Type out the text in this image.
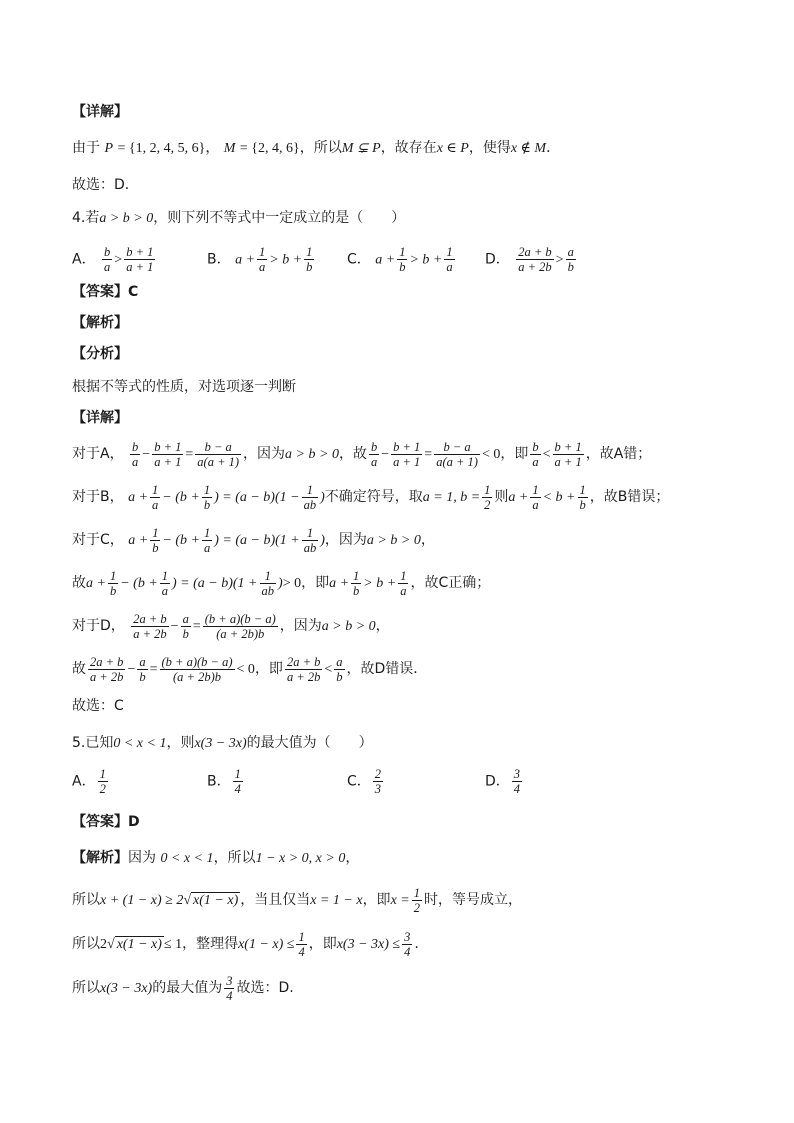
【详解】
由于 P = {1, 2, 4, 5, 6}， M = {2, 4, 6}，所以M ⊊ P，故存在x ∈ P，使得x ∉ M．
故选：D．
4.若a > b > 0，则下列不等式中一定成立的是（　　）
A． $\frac{b}{a} > \frac{b + 1}{a + 1}$	B． $a + \frac{1}{a} > b + \frac{1}{b}$ C． $a + \frac{1}{b} > b + \frac{1}{a}$ D． $\frac{2a + b}{a + 2b} > \frac{a}{b}$
【答案】C
【解析】
【分析】
根据不等式的性质，对选项逐一判断
【详解】
对于A， $\frac{b}{a} - \frac{b + 1}{a + 1} = \frac{b - a}{a(a + 1)}$ ，因为a > b > 0，故 $\frac{b}{a} - \frac{b + 1}{a + 1} = \frac{b - a}{a(a + 1)} < 0$，即 $\frac{b}{a} < \frac{b + 1}{a + 1}$ ，故A错；
对于B， $a + \frac{1}{a} - (b + \frac{1}{b}$ ) = $(a - b)(1 - \frac{1}{ab}$ )不确定符号，取a = 1, $b = \frac{1}{2}$ 则$a + \frac{1}{a} < b + \frac{1}{b}$ ，故B错误；
对于C， $a + \frac{1}{b} - (b + \frac{1}{a}$ ) = $(a - b)(1 + \frac{1}{ab}$ )，因为a > b > 0，
故$a + \frac{1}{b} - (b + \frac{1}{a}$ ) = $(a - b)(1 + \frac{1}{ab}$ )> 0，即$a + \frac{1}{b} > b + \frac{1}{a}$ ，故C正确；
对于D， $\frac{2a + b}{a + 2b} - \frac{a}{b} = \frac{(b + a)(b - a)}{(a + 2b)b}$ ，因为a > b > 0，
故 $\frac{2a + b}{a + 2b} - \frac{a}{b} = \frac{(b + a)(b - a)}{(a + 2b)b} < 0$，即 $\frac{2a + b}{a + 2b} < \frac{a}{b}$ ，故D错误．
故选：C
5.已知0 < x < 1，则x(3 − 3x)的最大值为（　　）
A． $\frac{1}{2}$	B． $\frac{1}{4}$	C． $\frac{2}{3}$	D． $\frac{3}{4}$
【答案】D
【解析】因为 0 < x < 1，所以1 − x > 0, x > 0，
所以x + (1 − x) ≥ 2√ x(1 − x) ，当且仅当x = 1 − x，即$x = \frac{1}{2}$ 时，等号成立，
所以2√ x(1 − x) ≤ 1，整理得$x(1 - x) \le \frac{1}{4}$ ，即$x(3 - 3x) \le \frac{3}{4}$ .
所以x(3 − 3x)的最大值为 $\frac{3}{4}$ 故选：D.
